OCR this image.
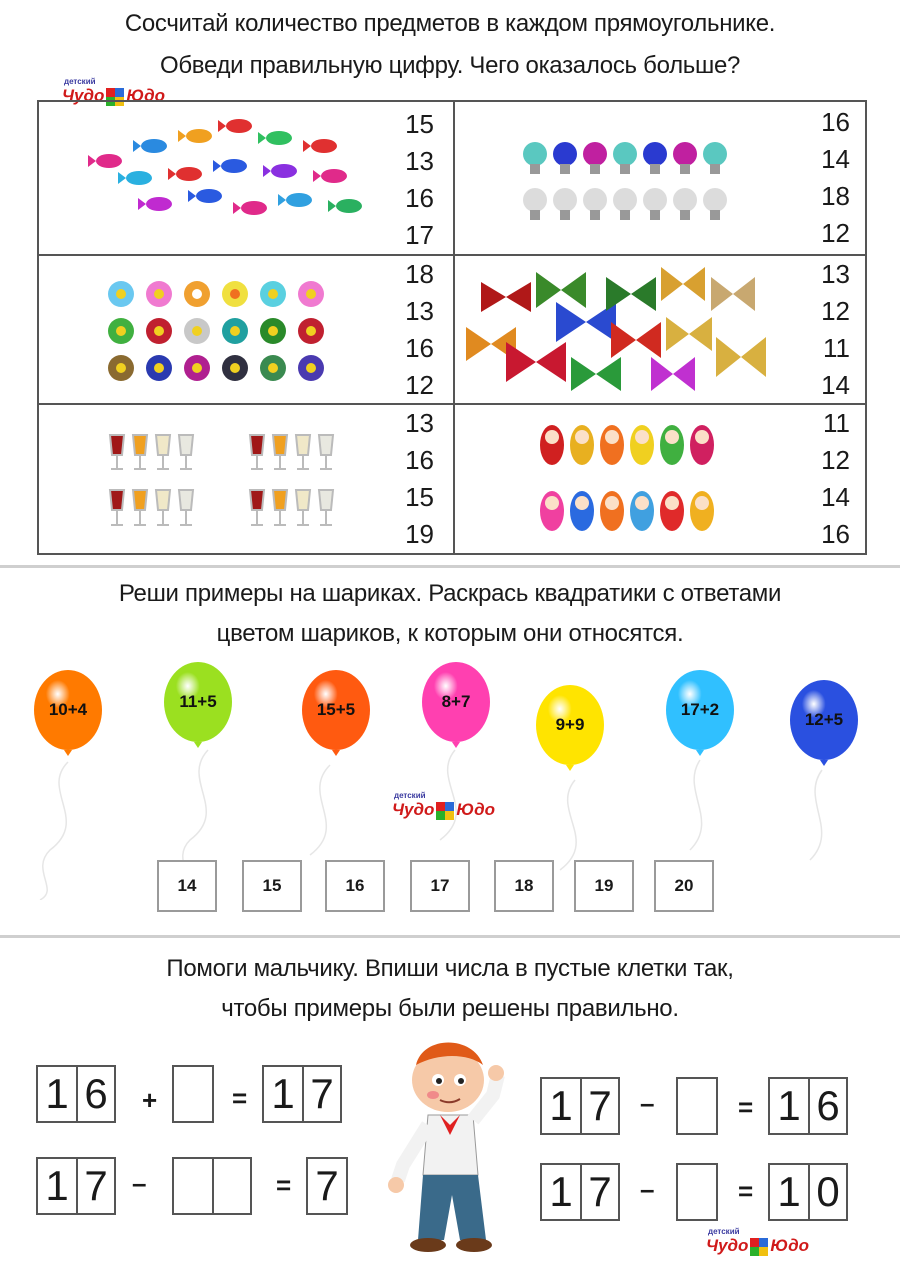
Сосчитай количество предметов в каждом прямоугольнике.
Обведи правильную цифру. Чего оказалось больше?
детский
Чудо Юдо
15
13
16
17
16
14
18
12
18
13
16
12
13
12
11
14
13
16
15
19
11
12
14
16
Реши примеры на шариках. Раскрась квадратики с ответами
цветом шариков, к которым они относятся.
10+4	11+5	15+5	8+7
9+9
17+2
12+5
детский
Чудо Юдо
14	15	16	17	18	19	20
Помоги мальчику. Впиши числа в пустые клетки так,
чтобы примеры были решены правильно.
1 6 +	= 1 7
1 7 –	= 7
1 7 –	= 1 6
1 7 –	= 1 0
детский
Чудо Юдо
